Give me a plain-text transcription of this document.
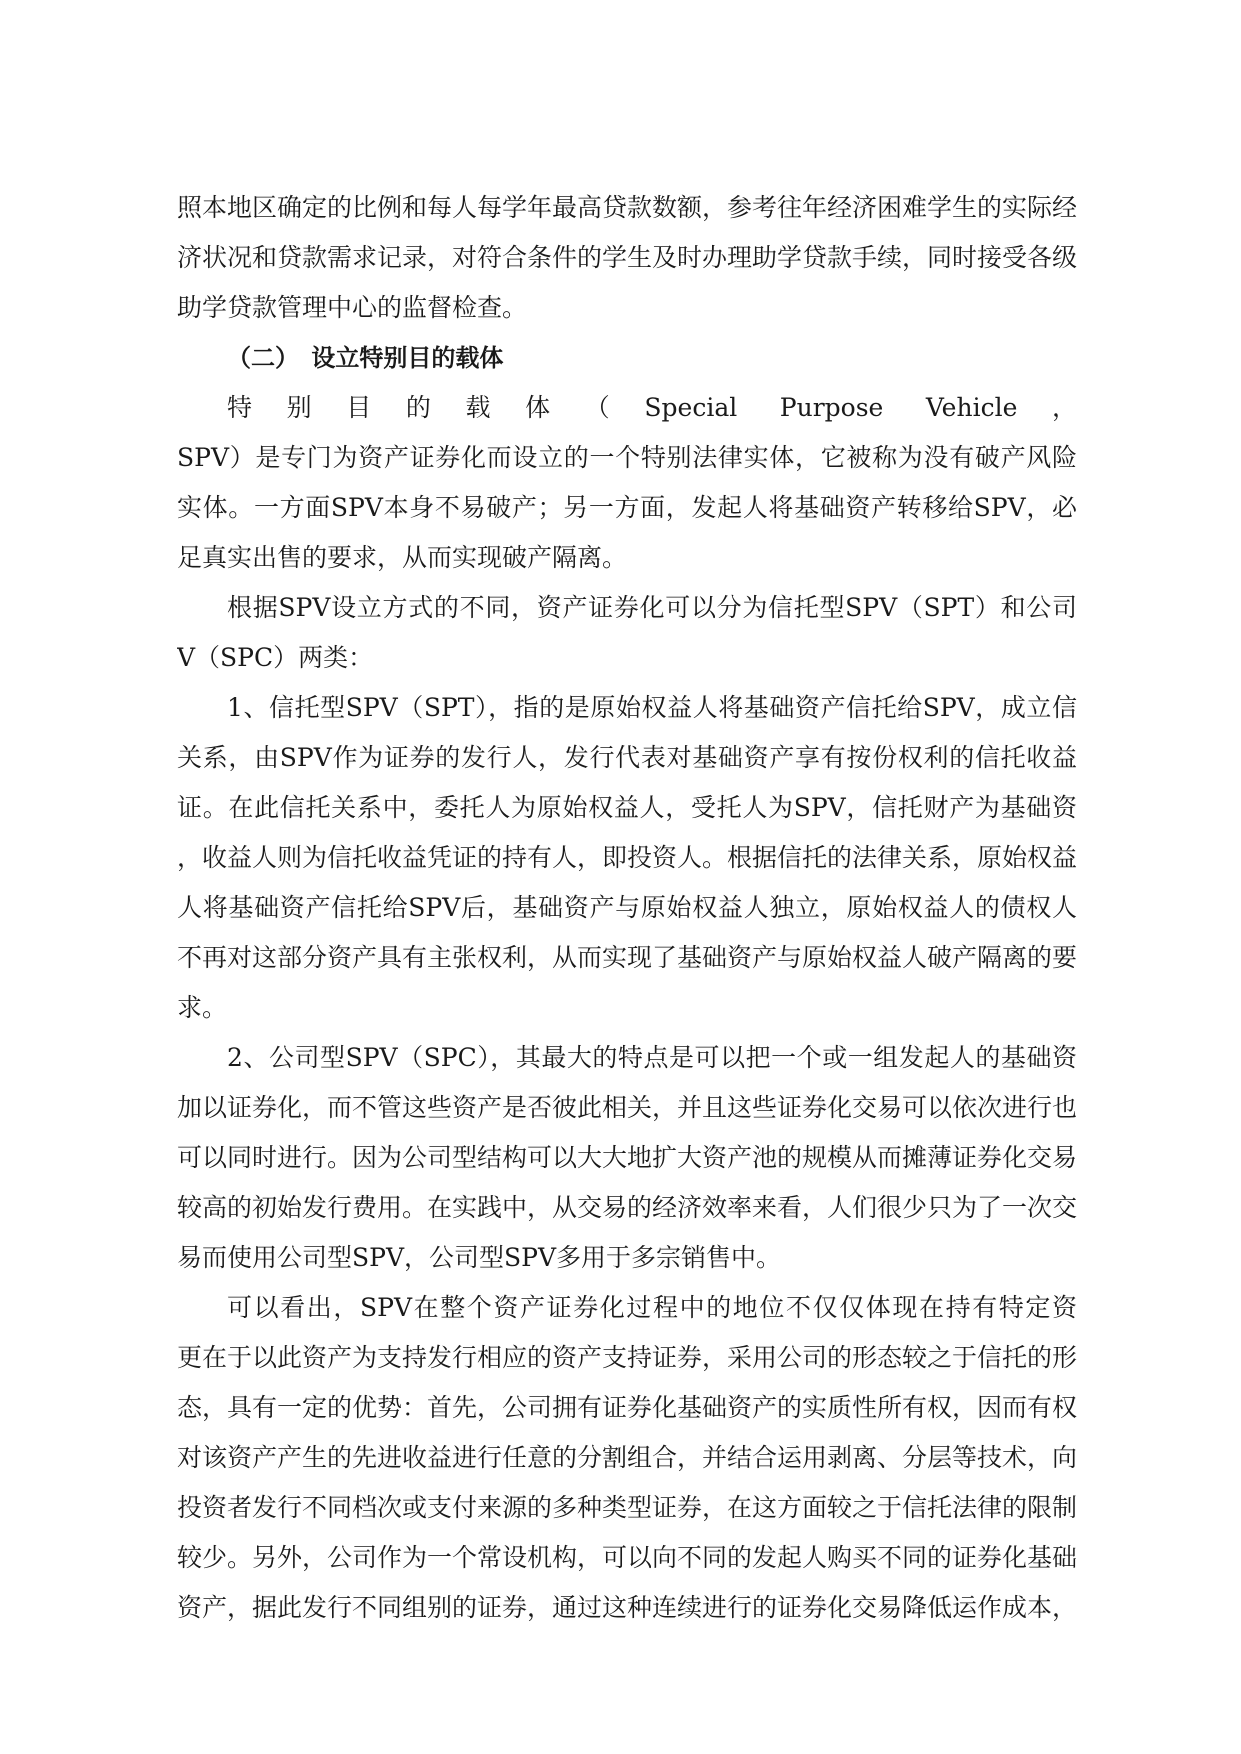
照本地区确定的比例和每人每学年最高贷款数额，参考往年经济困难学生的实际经
济状况和贷款需求记录，对符合条件的学生及时办理助学贷款手续，同时接受各级
助学贷款管理中心的监督检查。
（二） 设立特别目的载体
特别目的载体（Special Purpose Vehicle，
SPV）是专门为资产证券化而设立的一个特别法律实体，它被称为没有破产风险
实体。一方面SPV本身不易破产；另一方面，发起人将基础资产转移给SPV，必
足真实出售的要求，从而实现破产隔离。
根据SPV设立方式的不同，资产证券化可以分为信托型SPV（SPT）和公司
V（SPC）两类：
1、信托型SPV（SPT），指的是原始权益人将基础资产信托给SPV，成立信
关系，由SPV作为证券的发行人，发行代表对基础资产享有按份权利的信托收益
证。在此信托关系中，委托人为原始权益人，受托人为SPV，信托财产为基础资
，收益人则为信托收益凭证的持有人，即投资人。根据信托的法律关系，原始权益
人将基础资产信托给SPV后，基础资产与原始权益人独立，原始权益人的债权人
不再对这部分资产具有主张权利，从而实现了基础资产与原始权益人破产隔离的要
求。
2、公司型SPV（SPC），其最大的特点是可以把一个或一组发起人的基础资
加以证券化，而不管这些资产是否彼此相关，并且这些证券化交易可以依次进行也
可以同时进行。因为公司型结构可以大大地扩大资产池的规模从而摊薄证券化交易
较高的初始发行费用。在实践中，从交易的经济效率来看，人们很少只为了一次交
易而使用公司型SPV，公司型SPV多用于多宗销售中。
可以看出，SPV在整个资产证券化过程中的地位不仅仅体现在持有特定资
更在于以此资产为支持发行相应的资产支持证券，采用公司的形态较之于信托的形
态，具有一定的优势：首先，公司拥有证券化基础资产的实质性所有权，因而有权
对该资产产生的先进收益进行任意的分割组合，并结合运用剥离、分层等技术，向
投资者发行不同档次或支付来源的多种类型证券，在这方面较之于信托法律的限制
较少。另外，公司作为一个常设机构，可以向不同的发起人购买不同的证券化基础
资产，据此发行不同组别的证券，通过这种连续进行的证券化交易降低运作成本，
